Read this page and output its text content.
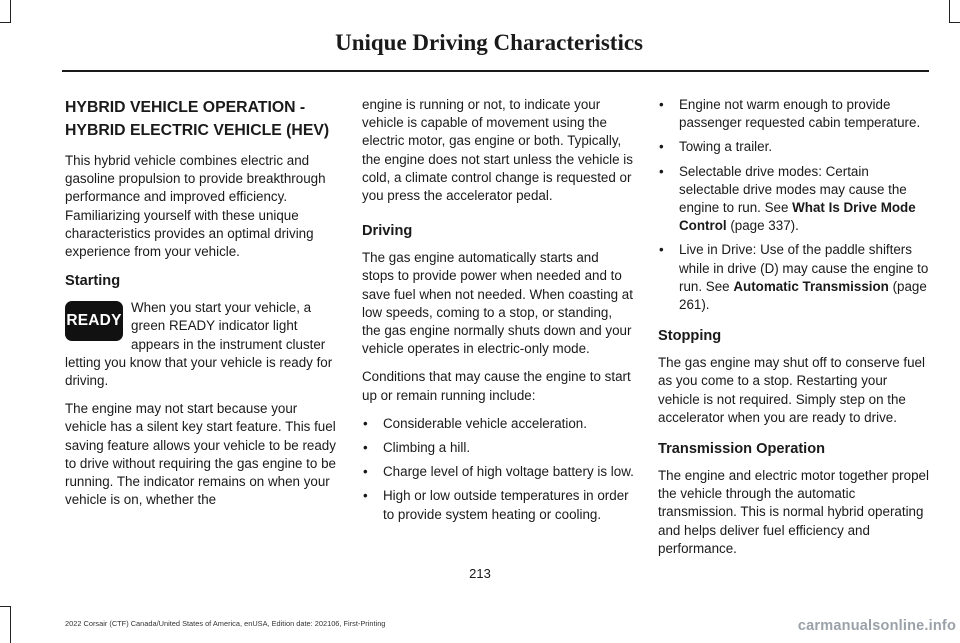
Unique Driving Characteristics
HYBRID VEHICLE OPERATION -
HYBRID ELECTRIC VEHICLE (HEV)

This hybrid vehicle combines electric and gasoline propulsion to provide breakthrough performance and improved efficiency. Familiarizing yourself with these unique characteristics provides an optimal driving experience from your vehicle.

Starting
READY

When you start your vehicle, a green READY indicator light appears in the instrument cluster letting you know that your vehicle is ready for driving.

The engine may not start because your vehicle has a silent key start feature. This fuel saving feature allows your vehicle to be ready to drive without requiring the gas engine to be running. The indicator remains on when your vehicle is on, whether the

engine is running or not, to indicate your vehicle is capable of movement using the electric motor, gas engine or both. Typically, the engine does not start unless the vehicle is cold, a climate control change is requested or you press the accelerator pedal.

Driving

The gas engine automatically starts and stops to provide power when needed and to save fuel when not needed. When coasting at low speeds, coming to a stop, or standing, the gas engine normally shuts down and your vehicle operates in electric-only mode.

Conditions that may cause the engine to start up or remain running include:

• Considerable vehicle acceleration.
• Climbing a hill.
• Charge level of high voltage battery is low.
• High or low outside temperatures in order to provide system heating or cooling.
• Engine not warm enough to provide passenger requested cabin temperature.
• Towing a trailer.
• Selectable drive modes: Certain selectable drive modes may cause the engine to run. See What Is Drive Mode Control (page 337).
• Live in Drive: Use of the paddle shifters while in drive (D) may cause the engine to run. See Automatic Transmission (page 261).
Stopping

The gas engine may shut off to conserve fuel as you come to a stop. Restarting your vehicle is not required. Simply step on the accelerator when you are ready to drive.

Transmission Operation

The engine and electric motor together propel the vehicle through the automatic transmission. This is normal hybrid operating and helps deliver fuel efficiency and performance.

213
2022 Corsair (CTF) Canada/United States of America, enUSA, Edition date: 202106, First-Printing	carmanualsonline.info
